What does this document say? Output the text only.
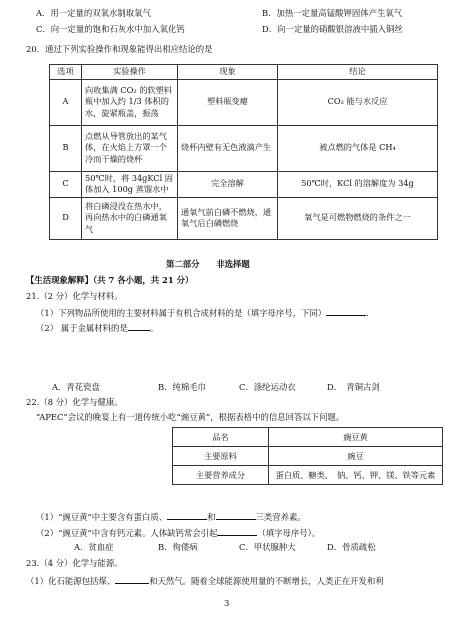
A．用一定量的双氧水制取氧气	B．加热一定量高锰酸钾固体产生氧气
C．向一定量的饱和石灰水中加入氧化钙	D．向一定量的硝酸银溶液中插入铜丝
20．通过下列实验操作和现象能得出相应结论的是
选项	实验操作	现象	结论
A	向收集满 CO₂ 的软塑料瓶中加入约 1/3 体积的水，旋紧瓶盖，振荡	塑料瓶变瘪	CO₂ 能与水反应
B	点燃从导管放出的某气体，在火焰上方罩一个冷而干燥的烧杯	烧杯内壁有无色液滴产生	被点燃的气体是 CH₄
C	50℃时，将 34gKCl 固体加入 100g 蒸馏水中	完全溶解	50℃时，KCl 的溶解度为 34g
D	将白磷浸没在热水中，再向热水中的白磷通氧气	通氧气前白磷不燃烧，通氧气后白磷燃烧	氧气是可燃物燃烧的条件之一
第二部分　　非选择题
【生活现象解释】（共 7 各小题，共 21 分）
21.（2 分）化学与材料。
（1）下列物品所使用的主要材料属于有机合成材料的是（填字母序号，下同）	.
（2） 属于金属材料的是	。
A．青花瓷盘	B．纯棉毛巾	C．涤纶运动衣	D．　青铜古剑
22.（8 分）化学与健康。
“APEC”会议的晚宴上有一道传统小吃“豌豆黄”，根据表格中的信息回答以下问题。
品名	豌豆黄
主要原料	豌豆
主要营养成分	蛋白质、糖类、　钠、钙、钾、镁、铁等元素
（1）“豌豆黄”中主要含有蛋白质、	和	三类营养素。
（2）“豌豆黄”中含有钙元素。人体缺钙常会引起	（填字母序号）。
A．贫血症	B．佝偻病	C．甲状腺肿大	D．骨质疏松
23.（4 分）化学与能源。
（1）化石能源包括煤、	和天然气。随着全球能源使用量的不断增长，人类正在开发和利
3
